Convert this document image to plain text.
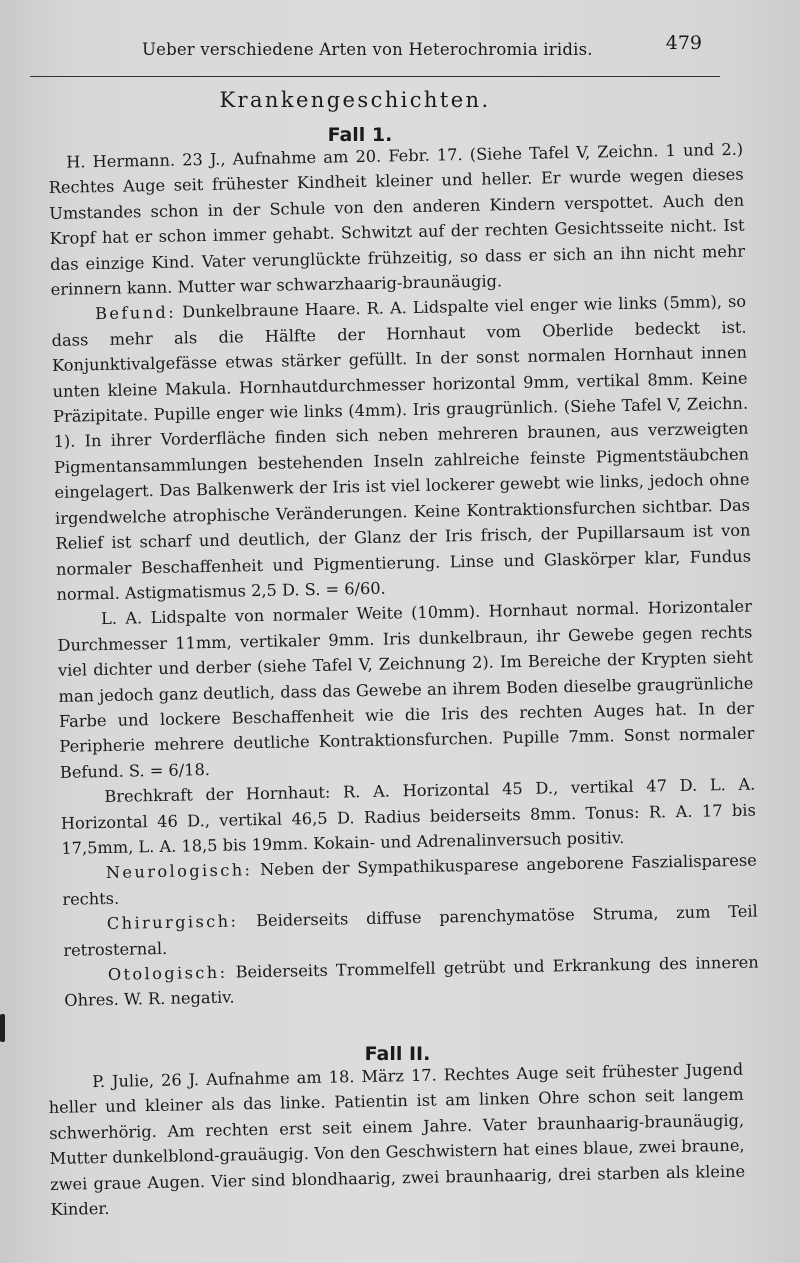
Ueber verschiedene Arten von Heterochromia iridis.	479
Krankengeschichten.
Fall 1.

H. Hermann. 23 J., Aufnahme am 20. Febr. 17. (Siehe Tafel V, Zeichn. 1 und 2.) Rechtes Auge seit frühester Kindheit kleiner und heller. Er wurde wegen dieses Umstandes schon in der Schule von den anderen Kindern verspottet. Auch den Kropf hat er schon immer gehabt. Schwitzt auf der rechten Gesichtsseite nicht. Ist das einzige Kind. Vater verunglückte frühzeitig, so dass er sich an ihn nicht mehr erinnern kann. Mutter war schwarzhaarig-braunäugig.

Befund: Dunkelbraune Haare. R. A. Lidspalte viel enger wie links (5mm), so dass mehr als die Hälfte der Hornhaut vom Oberlide bedeckt ist. Konjunktivalgefässe etwas stärker gefüllt. In der sonst normalen Hornhaut innen unten kleine Makula. Hornhautdurchmesser horizontal 9mm, vertikal 8mm. Keine Präzipitate. Pupille enger wie links (4mm). Iris graugrünlich. (Siehe Tafel V, Zeichn. 1). In ihrer Vorderfläche finden sich neben mehreren braunen, aus verzweigten Pigmentansammlungen bestehenden Inseln zahlreiche feinste Pigmentstäubchen eingelagert. Das Balkenwerk der Iris ist viel lockerer gewebt wie links, jedoch ohne irgendwelche atrophische Veränderungen. Keine Kontraktionsfurchen sichtbar. Das Relief ist scharf und deutlich, der Glanz der Iris frisch, der Pupillarsaum ist von normaler Beschaffenheit und Pigmentierung. Linse und Glaskörper klar, Fundus normal. Astigmatismus 2,5 D. S. = 6/60.

L. A. Lidspalte von normaler Weite (10mm). Hornhaut normal. Horizontaler Durchmesser 11mm, vertikaler 9mm. Iris dunkelbraun, ihr Gewebe gegen rechts viel dichter und derber (siehe Tafel V, Zeichnung 2). Im Bereiche der Krypten sieht man jedoch ganz deutlich, dass das Gewebe an ihrem Boden dieselbe graugrünliche Farbe und lockere Beschaffenheit wie die Iris des rechten Auges hat. In der Peripherie mehrere deutliche Kontraktionsfurchen. Pupille 7mm. Sonst normaler Befund. S. = 6/18.

Brechkraft der Hornhaut: R. A. Horizontal 45 D., vertikal 47 D. L. A. Horizontal 46 D., vertikal 46,5 D. Radius beiderseits 8mm. Tonus: R. A. 17 bis 17,5mm, L. A. 18,5 bis 19mm. Kokain- und Adrenalinversuch positiv.

Neurologisch: Neben der Sympathikusparese angeborene Faszialisparese rechts.

Chirurgisch: Beiderseits diffuse parenchymatöse Struma, zum Teil retrosternal.

Otologisch: Beiderseits Trommelfell getrübt und Erkrankung des inneren Ohres. W. R. negativ.

Fall II.

P. Julie, 26 J. Aufnahme am 18. März 17. Rechtes Auge seit frühester Jugend heller und kleiner als das linke. Patientin ist am linken Ohre schon seit langem schwerhörig. Am rechten erst seit einem Jahre. Vater braunhaarig-braunäugig, Mutter dunkelblond-grauäugig. Von den Geschwistern hat eines blaue, zwei braune, zwei graue Augen. Vier sind blondhaarig, zwei braunhaarig, drei starben als kleine Kinder.
